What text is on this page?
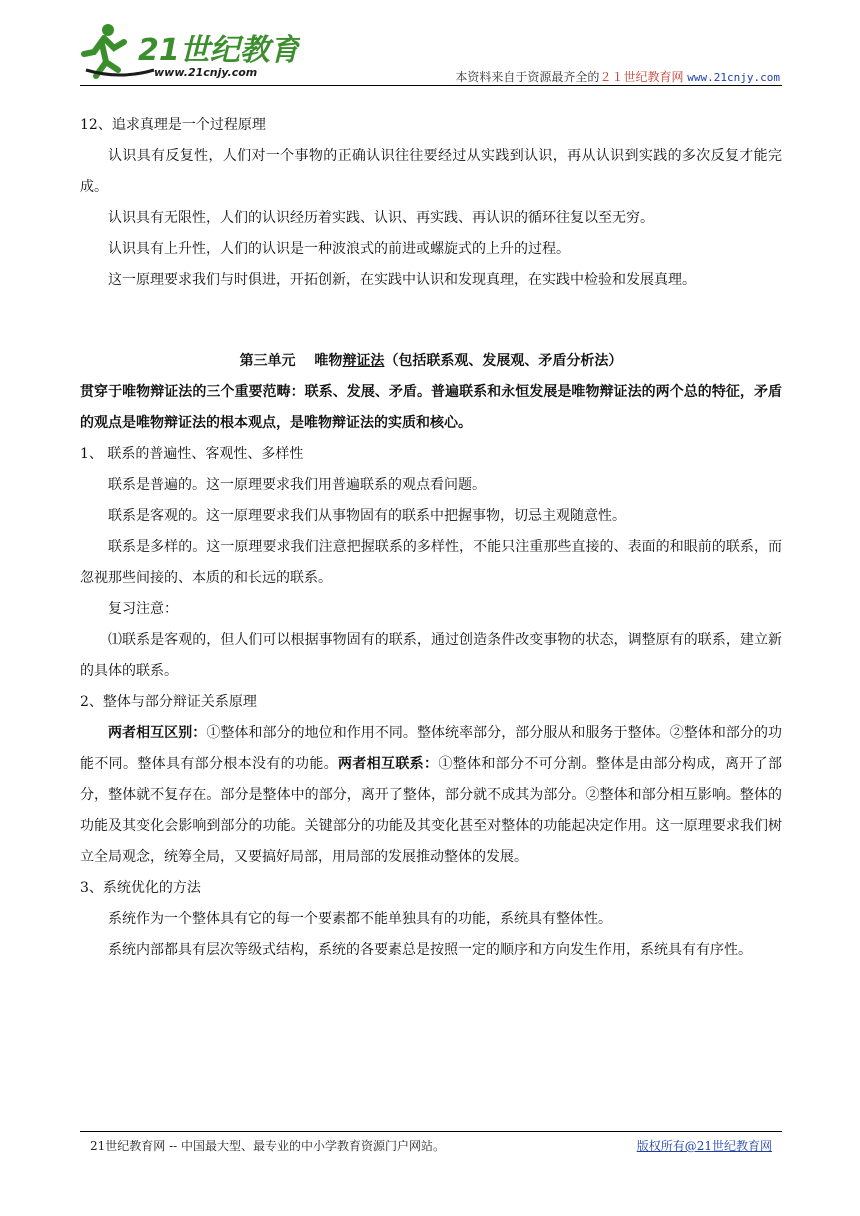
21世纪教育
www.21cnjy.com	本资料来自于资源最齐全的２１世纪教育网 www.21cnjy.com

12、追求真理是一个过程原理

认识具有反复性，人们对一个事物的正确认识往往要经过从实践到认识，再从认识到实践的多次反复才能完成。

认识具有无限性，人们的认识经历着实践、认识、再实践、再认识的循环往复以至无穷。

认识具有上升性，人们的认识是一种波浪式的前进或螺旋式的上升的过程。

这一原理要求我们与时俱进，开拓创新，在实践中认识和发现真理，在实践中检验和发展真理。

第三单元　 唯物辩证法（包括联系观、发展观、矛盾分析法）

贯穿于唯物辩证法的三个重要范畴：联系、发展、矛盾。普遍联系和永恒发展是唯物辩证法的两个总的特征，矛盾的观点是唯物辩证法的根本观点，是唯物辩证法的实质和核心。

1、 联系的普遍性、客观性、多样性

联系是普遍的。这一原理要求我们用普遍联系的观点看问题。

联系是客观的。这一原理要求我们从事物固有的联系中把握事物，切忌主观随意性。

联系是多样的。这一原理要求我们注意把握联系的多样性，不能只注重那些直接的、表面的和眼前的联系，而忽视那些间接的、本质的和长远的联系。

复习注意：

⑴联系是客观的，但人们可以根据事物固有的联系，通过创造条件改变事物的状态，调整原有的联系，建立新的具体的联系。

2、整体与部分辩证关系原理

两者相互区别：①整体和部分的地位和作用不同。整体统率部分，部分服从和服务于整体。②整体和部分的功能不同。整体具有部分根本没有的功能。两者相互联系：①整体和部分不可分割。整体是由部分构成，离开了部分，整体就不复存在。部分是整体中的部分，离开了整体，部分就不成其为部分。②整体和部分相互影响。整体的功能及其变化会影响到部分的功能。关键部分的功能及其变化甚至对整体的功能起决定作用。这一原理要求我们树立全局观念，统筹全局，又要搞好局部，用局部的发展推动整体的发展。

3、系统优化的方法

系统作为一个整体具有它的每一个要素都不能单独具有的功能，系统具有整体性。

系统内部都具有层次等级式结构，系统的各要素总是按照一定的顺序和方向发生作用，系统具有有序性。

21世纪教育网 -- 中国最大型、最专业的中小学教育资源门户网站。	版权所有@21世纪教育网
